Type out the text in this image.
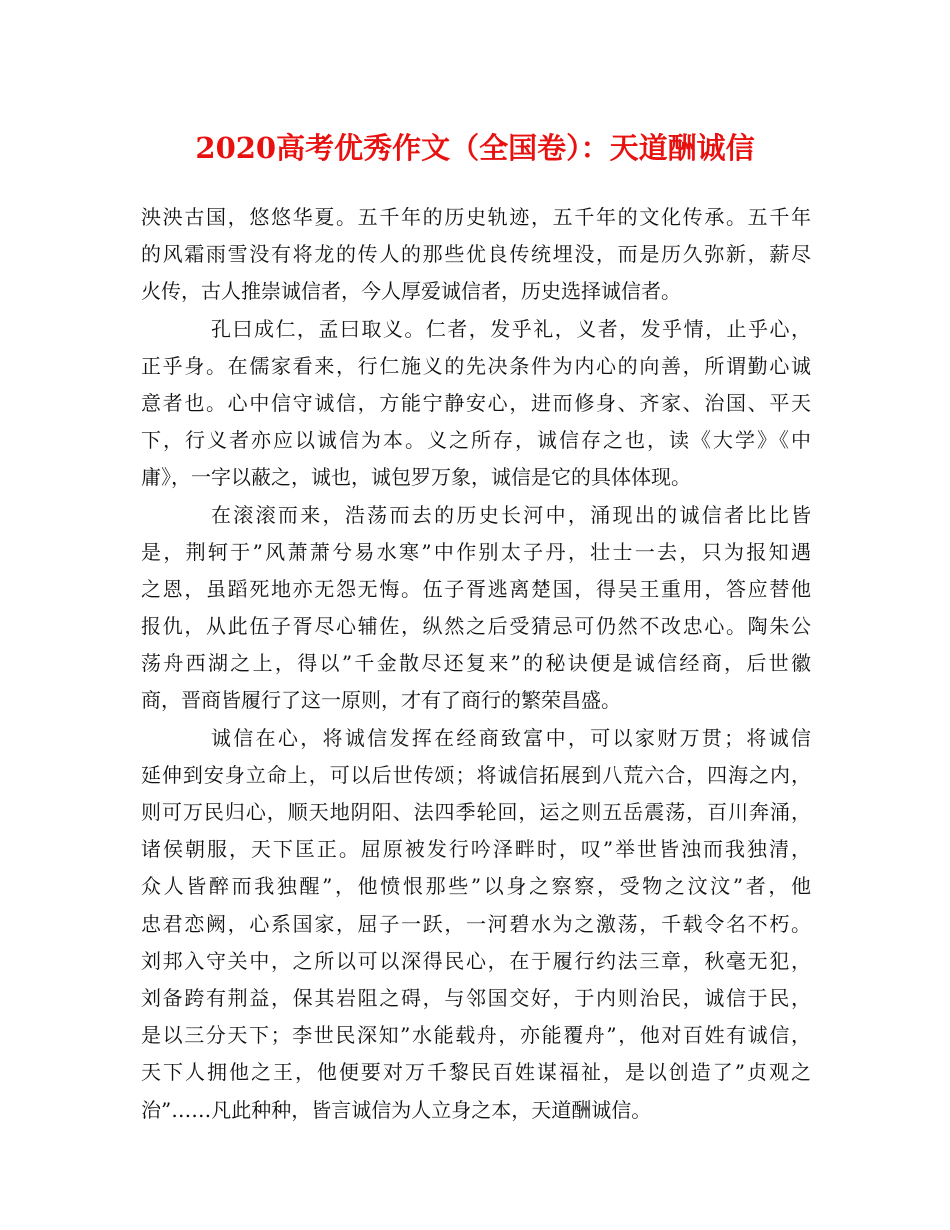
2020高考优秀作文（全国卷）：天道酬诚信
泱泱古国，悠悠华夏。五千年的历史轨迹，五千年的文化传承。五千年
的风霜雨雪没有将龙的传人的那些优良传统埋没，而是历久弥新，薪尽
火传，古人推崇诚信者，今人厚爱诚信者，历史选择诚信者。
孔曰成仁，孟曰取义。仁者，发乎礼，义者，发乎情，止乎心，
正乎身。在儒家看来，行仁施义的先决条件为内心的向善，所谓勤心诚
意者也。心中信守诚信，方能宁静安心，进而修身、齐家、治国、平天
下，行义者亦应以诚信为本。义之所存，诚信存之也，读《大学》《中
庸》，一字以蔽之，诚也，诚包罗万象，诚信是它的具体体现。
在滚滚而来，浩荡而去的历史长河中，涌现出的诚信者比比皆
是，荆轲于”风萧萧兮易水寒”中作别太子丹，壮士一去，只为报知遇
之恩，虽蹈死地亦无怨无悔。伍子胥逃离楚国，得吴王重用，答应替他
报仇，从此伍子胥尽心辅佐，纵然之后受猜忌可仍然不改忠心。陶朱公
荡舟西湖之上，得以”千金散尽还复来”的秘诀便是诚信经商，后世徽
商，晋商皆履行了这一原则，才有了商行的繁荣昌盛。
诚信在心，将诚信发挥在经商致富中，可以家财万贯；将诚信
延伸到安身立命上，可以后世传颂；将诚信拓展到八荒六合，四海之内，
则可万民归心，顺天地阴阳、法四季轮回，运之则五岳震荡，百川奔涌，
诸侯朝服，天下匡正。屈原被发行吟泽畔时，叹”举世皆浊而我独清，
众人皆醉而我独醒”，他愤恨那些”以身之察察，受物之汶汶”者，他
忠君恋阙，心系国家，屈子一跃，一河碧水为之激荡，千载令名不朽。
刘邦入守关中，之所以可以深得民心，在于履行约法三章，秋毫无犯，
刘备跨有荆益，保其岩阻之碍，与邻国交好，于内则治民，诚信于民，
是以三分天下；李世民深知”水能载舟，亦能覆舟”，他对百姓有诚信，
天下人拥他之王，他便要对万千黎民百姓谋福祉，是以创造了”贞观之
治”……凡此种种，皆言诚信为人立身之本，天道酬诚信。
